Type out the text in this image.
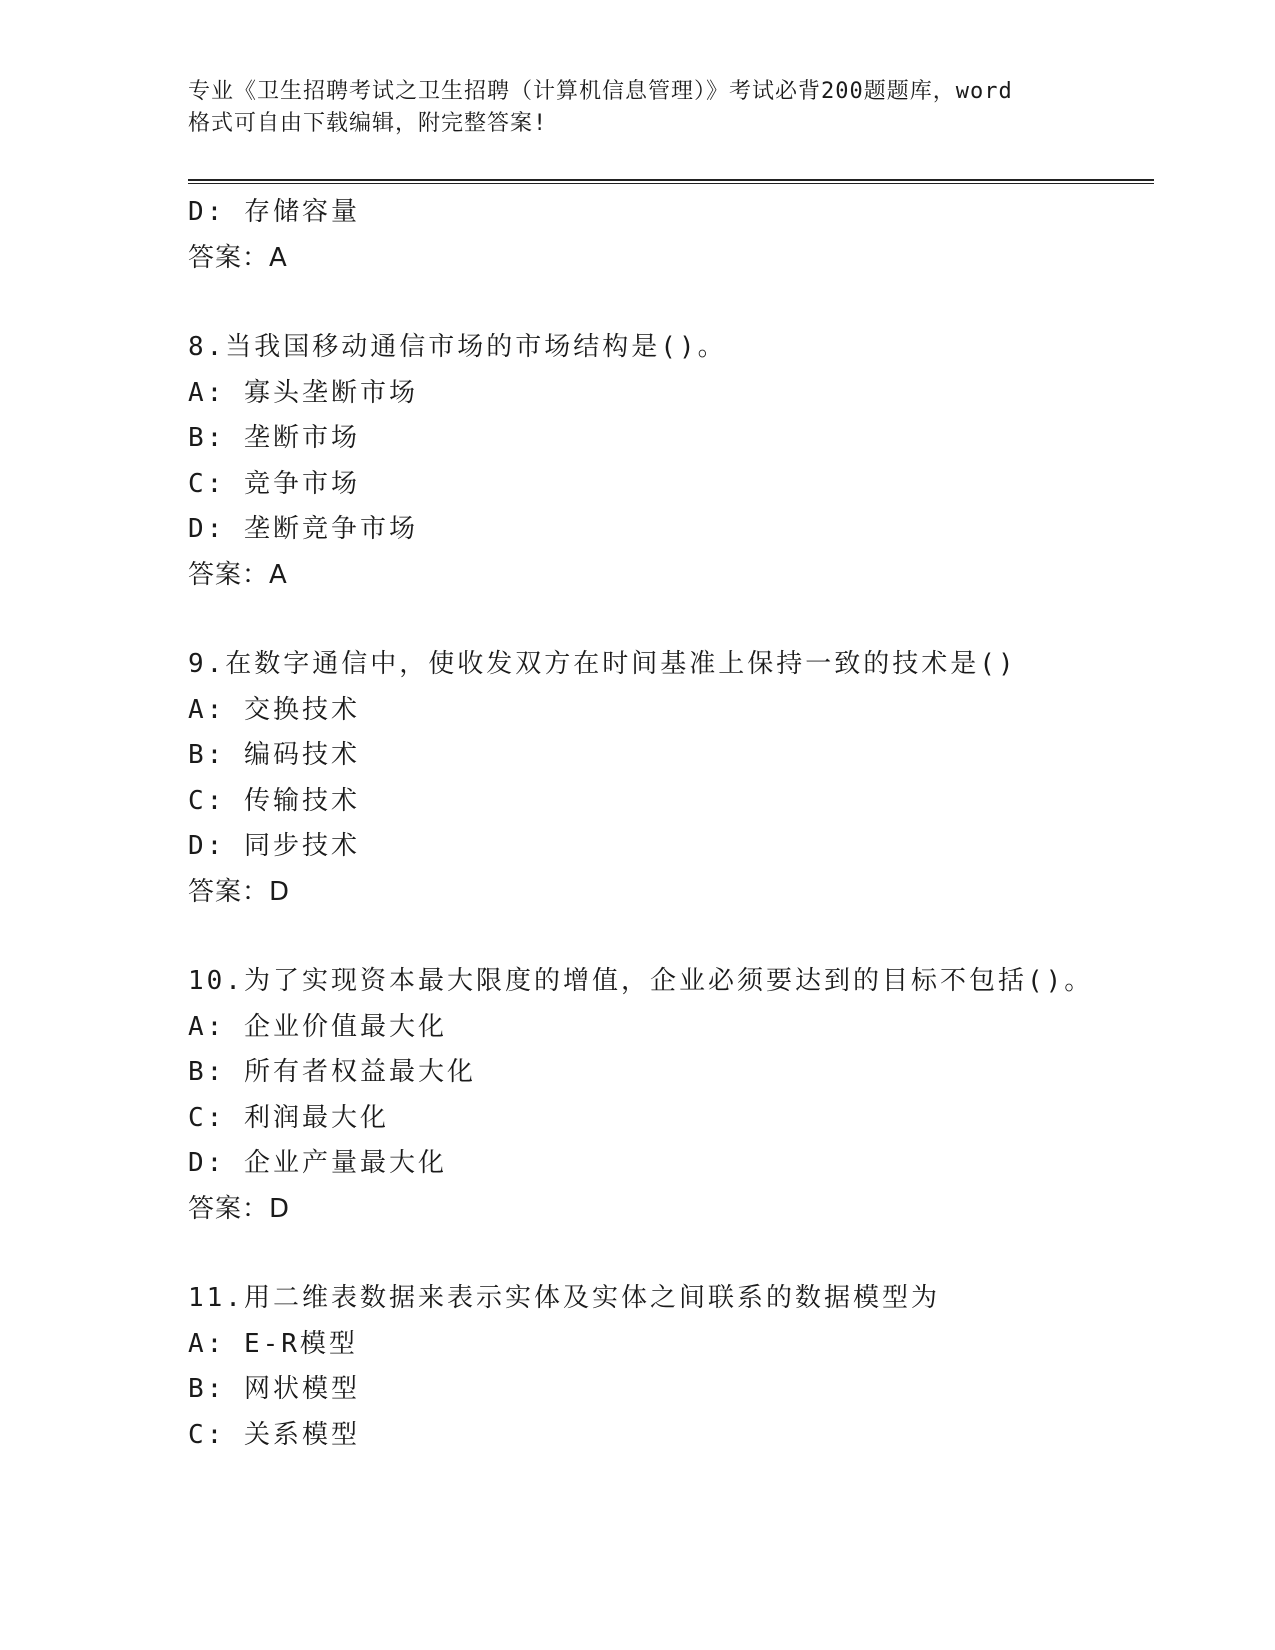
专业《卫生招聘考试之卫生招聘（计算机信息管理）》考试必背200题题库，word
格式可自由下载编辑，附完整答案!
D: 存储容量
答案：A
8.当我国移动通信市场的市场结构是()。
A: 寡头垄断市场
B: 垄断市场
C: 竞争市场
D: 垄断竞争市场
答案：A
9.在数字通信中，使收发双方在时间基准上保持一致的技术是()
A: 交换技术
B: 编码技术
C: 传输技术
D: 同步技术
答案：D
10.为了实现资本最大限度的增值，企业必须要达到的目标不包括()。
A: 企业价值最大化
B: 所有者权益最大化
C: 利润最大化
D: 企业产量最大化
答案：D
11.用二维表数据来表示实体及实体之间联系的数据模型为
A: E-R模型
B: 网状模型
C: 关系模型
